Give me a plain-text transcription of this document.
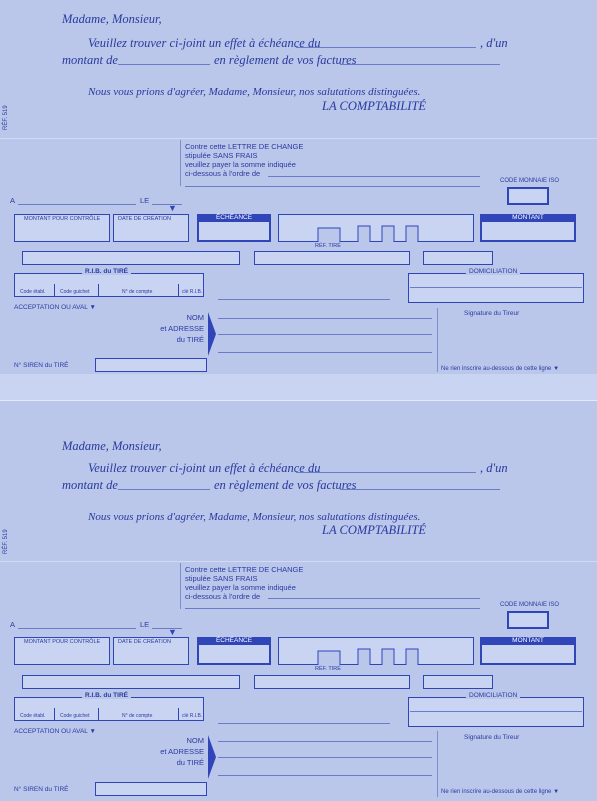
Madame, Monsieur,
Veuillez trouver ci-joint un effet à échéance du	, d'un
montant de	en règlement de vos factures
Nous vous prions d'agréer, Madame, Monsieur, nos salutations distinguées.
LA COMPTABILITÉ
RÉF. 519
Contre cette LETTRE DE CHANGE
stipulée SANS FRAIS
veuillez payer la somme indiquée
ci-dessous à l'ordre de
CODE MONNAIE ISO
A	LE
▼
MONTANT POUR CONTRÔLE	DATE DE CRÉATION	ÉCHÉANCE
RÉF. TIRÉ
MONTANT
R.I.B. du TIRÉ
Code établ.	Code guichet	N° de compte	clé R.I.B.
DOMICILIATION
ACCEPTATION OU AVAL ▼
NOM
et ADRESSE
du TIRÉ
Signature du Tireur
N° SIREN du TIRÉ	Ne rien inscrire au-dessous de cette ligne ▼
Madame, Monsieur,
Veuillez trouver ci-joint un effet à échéance du	, d'un
montant de	en règlement de vos factures
Nous vous prions d'agréer, Madame, Monsieur, nos salutations distinguées.
LA COMPTABILITÉ
RÉF. 519
Contre cette LETTRE DE CHANGE
stipulée SANS FRAIS
veuillez payer la somme indiquée
ci-dessous à l'ordre de
CODE MONNAIE ISO
A	LE
▼
MONTANT POUR CONTRÔLE	DATE DE CRÉATION	ÉCHÉANCE
RÉF. TIRÉ
MONTANT
R.I.B. du TIRÉ
Code établ.	Code guichet	N° de compte	clé R.I.B.
DOMICILIATION
ACCEPTATION OU AVAL ▼
NOM
et ADRESSE
du TIRÉ
Signature du Tireur
N° SIREN du TIRÉ	Ne rien inscrire au-dessous de cette ligne ▼
